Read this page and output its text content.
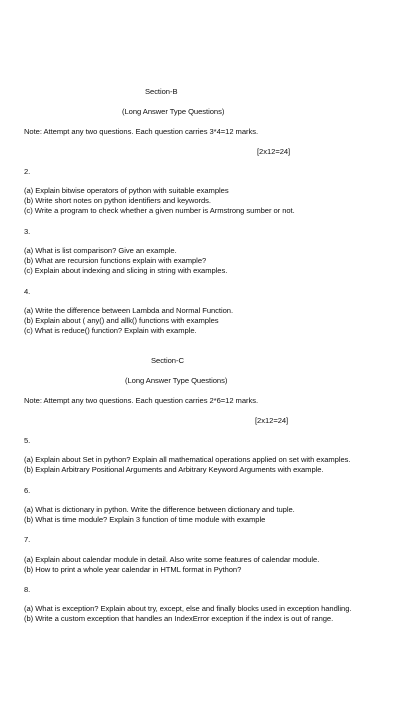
Section-B
(Long Answer Type Questions)
Note: Attempt any two questions. Each question carries 3*4=12 marks.
[2x12=24]
2.
(a) Explain bitwise operators of python with suitable examples
(b) Write short notes on python identifiers and keywords.
(c) Write a program to check whether a given number is Armstrong sumber or not.
3.
(a) What is list comparison? Give an example.
(b) What are recursion functions explain with example?
(c) Explain about indexing and slicing in string with examples.
4.
(a) Write the difference between Lambda and Normal Function.
(b) Explain about ( any() and allk() functions with examples
(c) What is reduce() function? Explain with example.
Section-C
(Long Answer Type Questions)
Note: Attempt any two questions. Each question carries 2*6=12 marks.
[2x12=24]
5.
(a) Explain about Set in python? Explain all mathematical operations applied on set with examples.
(b) Explain Arbitrary Positional Arguments and Arbitrary Keyword Arguments with example.
6.
(a) What is dictionary in python. Write the difference between dictionary and tuple.
(b) What is time module? Explain 3 function of time module with example
7.
(a) Explain about calendar module in detail. Also write some features of calendar module.
(b) How to print a whole year calendar in HTML format in Python?
8.
(a) What is exception? Explain about try, except, else and finally blocks used in exception handling.
(b) Write a custom exception that handles an IndexError exception if the index is out of range.
